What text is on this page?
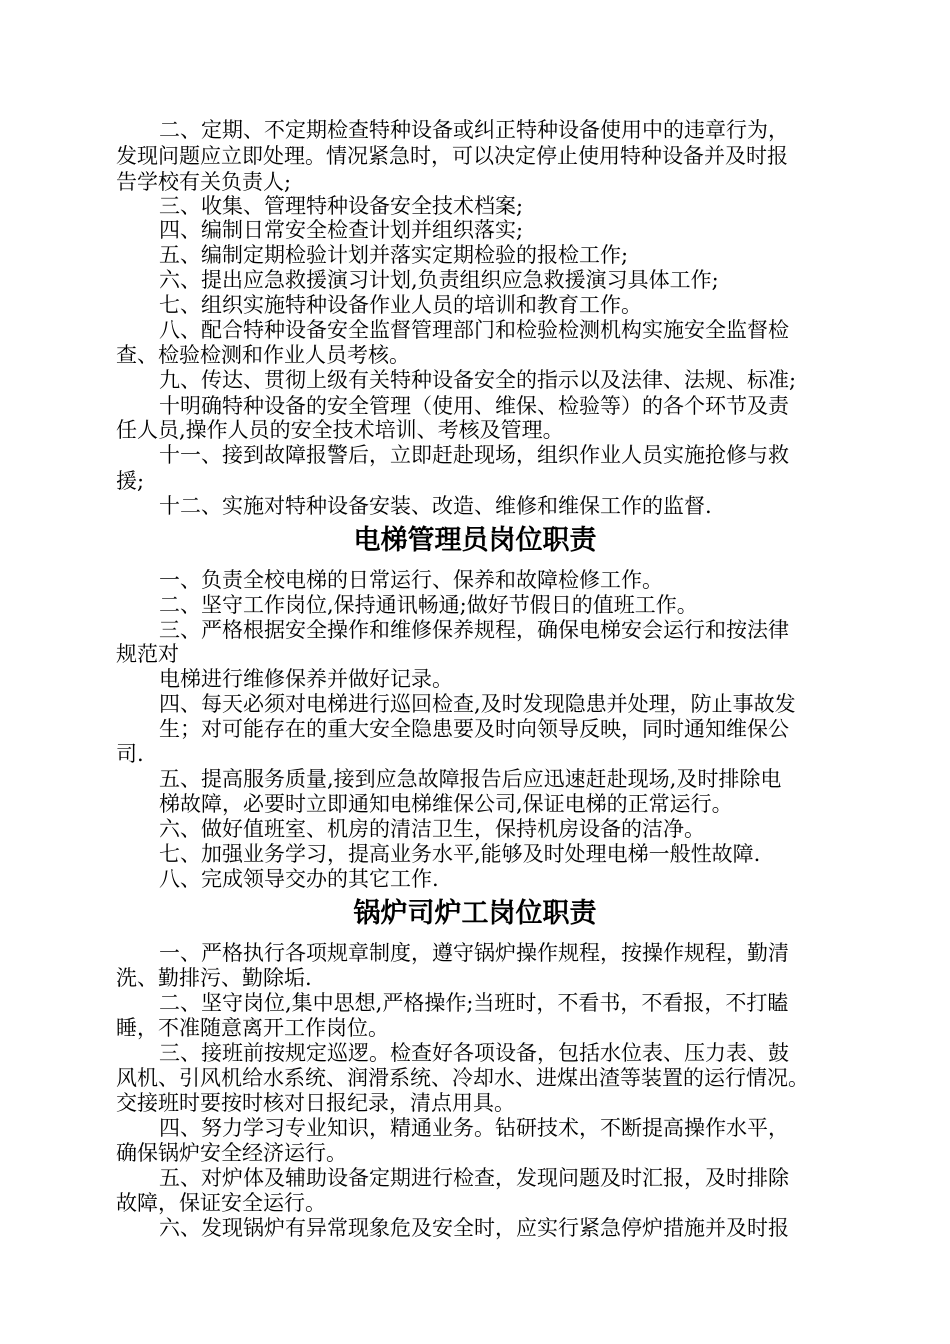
二、定期、不定期检查特种设备或纠正特种设备使用中的违章行为，
发现问题应立即处理。情况紧急时，可以决定停止使用特种设备并及时报
告学校有关负责人;
三、收集、管理特种设备安全技术档案;
四、编制日常安全检查计划并组织落实;
五、编制定期检验计划并落实定期检验的报检工作;
六、提出应急救援演习计划,负责组织应急救援演习具体工作;
七、组织实施特种设备作业人员的培训和教育工作。
八、配合特种设备安全监督管理部门和检验检测机构实施安全监督检
查、检验检测和作业人员考核。
九、传达、贯彻上级有关特种设备安全的指示以及法律、法规、标准;
十明确特种设备的安全管理（使用、维保、检验等）的各个环节及责
任人员,操作人员的安全技术培训、考核及管理。
十一、接到故障报警后，立即赶赴现场，组织作业人员实施抢修与救
援;
十二、实施对特种设备安装、改造、维修和维保工作的监督.
电梯管理员岗位职责
一、负责全校电梯的日常运行、保养和故障检修工作。
二、坚守工作岗位,保持通讯畅通;做好节假日的值班工作。
三、严格根据安全操作和维修保养规程，确保电梯安会运行和按法律
规范对
电梯进行维修保养并做好记录。
四、每天必须对电梯进行巡回检查,及时发现隐患并处理，防止事故发
生；对可能存在的重大安全隐患要及时向领导反映，同时通知维保公
司.
五、提高服务质量,接到应急故障报告后应迅速赶赴现场,及时排除电
梯故障，必要时立即通知电梯维保公司,保证电梯的正常运行。
六、做好值班室、机房的清洁卫生，保持机房设备的洁净。
七、加强业务学习，提高业务水平,能够及时处理电梯一般性故障.
八、完成领导交办的其它工作.
锅炉司炉工岗位职责
一、严格执行各项规章制度，遵守锅炉操作规程，按操作规程，勤清
洗、勤排污、勤除垢.
二、坚守岗位,集中思想,严格操作;当班时，不看书，不看报，不打瞌
睡，不准随意离开工作岗位。
三、接班前按规定巡逻。检查好各项设备，包括水位表、压力表、鼓
风机、引风机给水系统、润滑系统、冷却水、进煤出渣等装置的运行情况。
交接班时要按时核对日报纪录，清点用具。
四、努力学习专业知识，精通业务。钻研技术，不断提高操作水平，
确保锅炉安全经济运行。
五、对炉体及辅助设备定期进行检查，发现问题及时汇报，及时排除
故障，保证安全运行。
六、发现锅炉有异常现象危及安全时，应实行紧急停炉措施并及时报
